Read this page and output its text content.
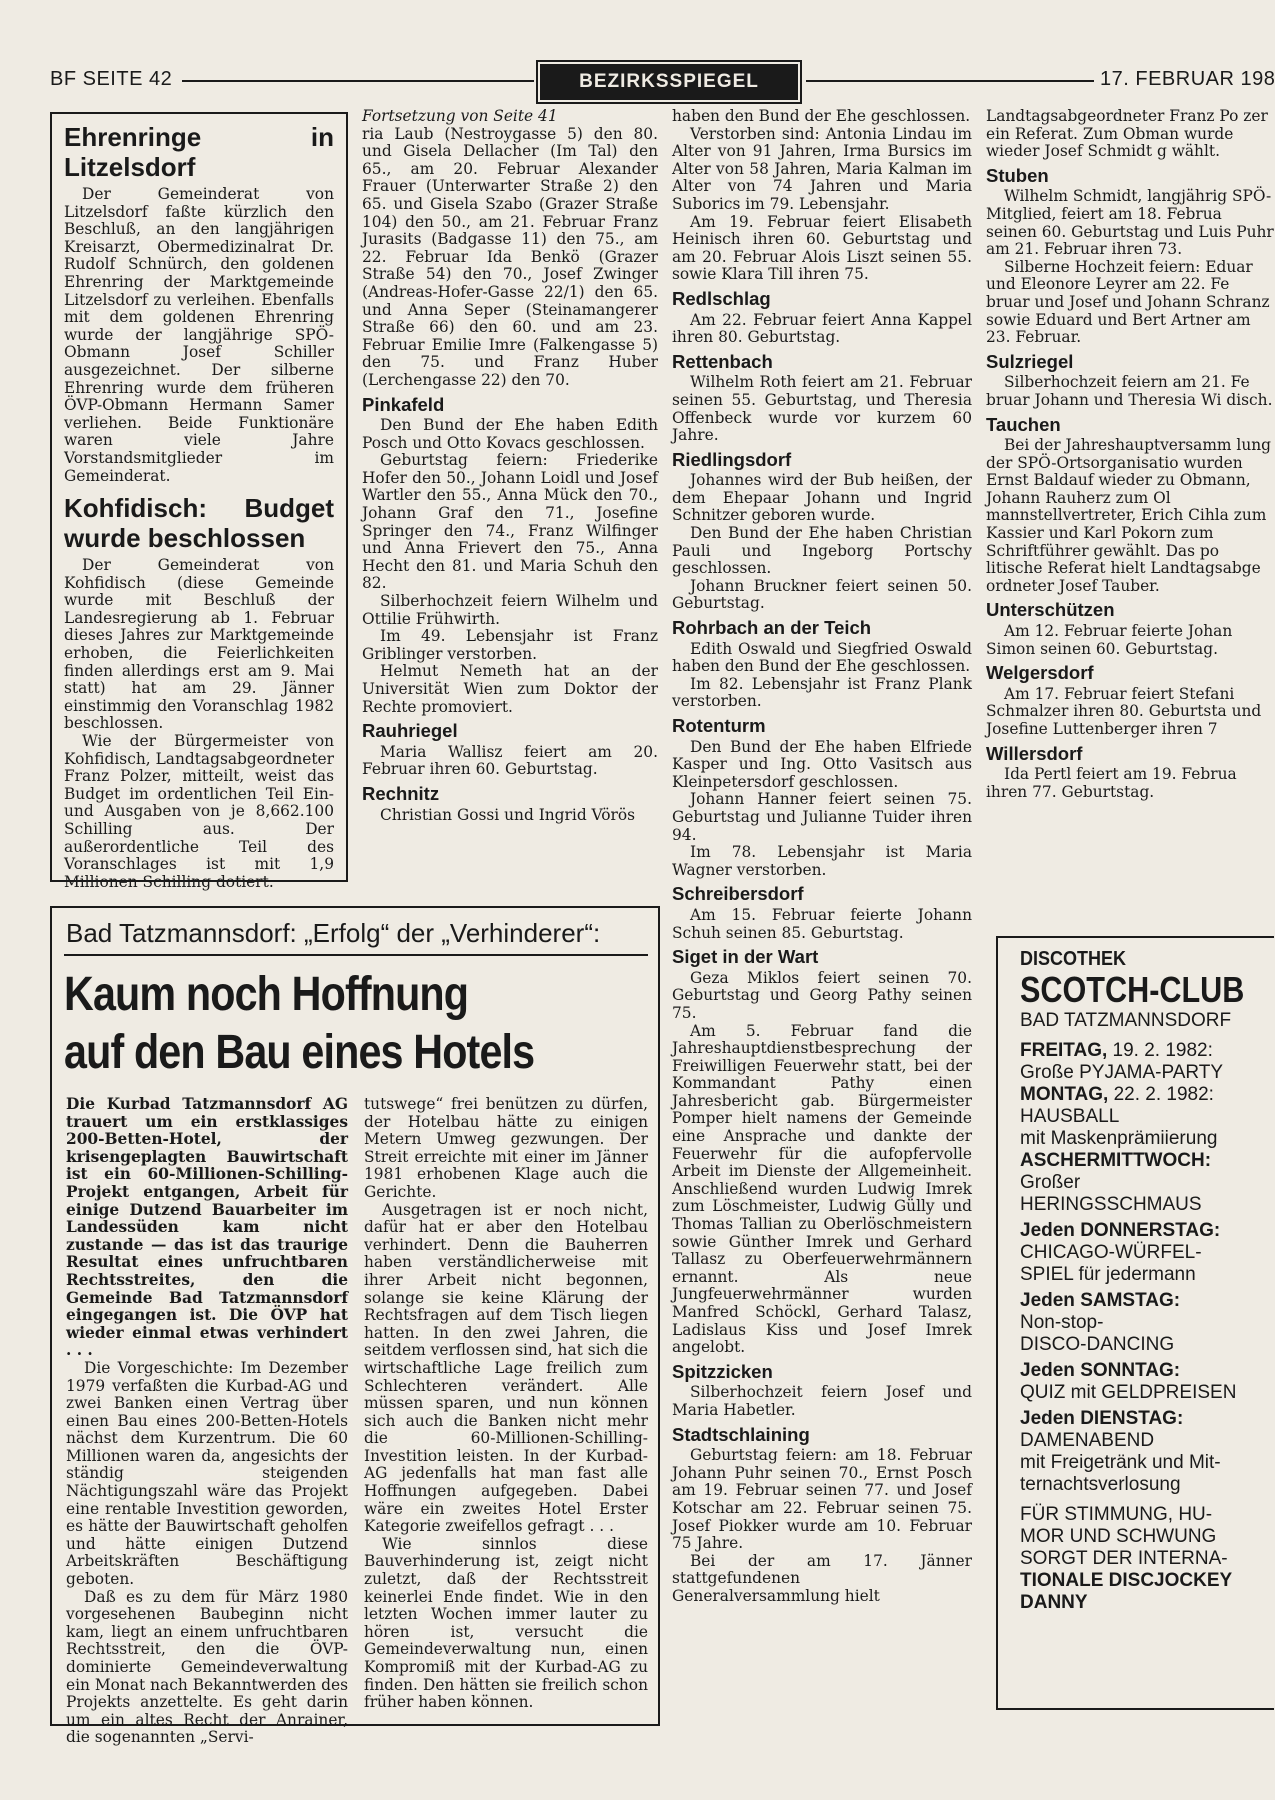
BF SEITE 42	BEZIRKSSPIEGEL	17. FEBRUAR 198
Ehrenringe in Litzelsdorf

Der Gemeinderat von Litzelsdorf faßte kürzlich den Beschluß, an den langjährigen Kreisarzt, Obermedizinalrat Dr. Rudolf Schnürch, den goldenen Ehrenring der Marktgemeinde Litzelsdorf zu verleihen. Ebenfalls mit dem goldenen Ehrenring wurde der langjährige SPÖ-Obmann Josef Schiller ausgezeichnet. Der silberne Ehrenring wurde dem früheren ÖVP-Obmann Hermann Samer verliehen. Beide Funktionäre waren viele Jahre Vorstandsmitglieder im Gemeinderat.

Kohfidisch: Budget wurde beschlossen

Der Gemeinderat von Kohfidisch (diese Gemeinde wurde mit Beschluß der Landesregierung ab 1. Februar dieses Jahres zur Marktgemeinde erhoben, die Feierlichkeiten finden allerdings erst am 9. Mai statt) hat am 29. Jänner einstimmig den Voranschlag 1982 beschlossen.

Wie der Bürgermeister von Kohfidisch, Landtagsabgeordneter Franz Polzer, mitteilt, weist das Budget im ordentlichen Teil Ein- und Ausgaben von je 8,662.100 Schilling aus. Der außerordentliche Teil des Voranschlages ist mit 1,9 Millionen Schilling dotiert.

Fortsetzung von Seite 41

ria Laub (Nestroygasse 5) den 80. und Gisela Dellacher (Im Tal) den 65., am 20. Februar Alexander Frauer (Unterwarter Straße 2) den 65. und Gisela Szabo (Grazer Straße 104) den 50., am 21. Februar Franz Jurasits (Badgasse 11) den 75., am 22. Februar Ida Benkö (Grazer Straße 54) den 70., Josef Zwinger (Andreas-Hofer-Gasse 22/1) den 65. und Anna Seper (Steinamangerer Straße 66) den 60. und am 23. Februar Emilie Imre (Falkengasse 5) den 75. und Franz Huber (Lerchengasse 22) den 70.

Pinkafeld

Den Bund der Ehe haben Edith Posch und Otto Kovacs geschlossen.

Geburtstag feiern: Friederike Hofer den 50., Johann Loidl und Josef Wartler den 55., Anna Mück den 70., Johann Graf den 71., Josefine Springer den 74., Franz Wilfinger und Anna Frievert den 75., Anna Hecht den 81. und Maria Schuh den 82.

Silberhochzeit feiern Wilhelm und Ottilie Frühwirth.

Im 49. Lebensjahr ist Franz Griblinger verstorben.

Helmut Nemeth hat an der Universität Wien zum Doktor der Rechte promoviert.

Rauhriegel

Maria Wallisz feiert am 20. Februar ihren 60. Geburtstag.

Rechnitz

Christian Gossi und Ingrid Vörös

haben den Bund der Ehe geschlossen.

Verstorben sind: Antonia Lindau im Alter von 91 Jahren, Irma Bursics im Alter von 58 Jahren, Maria Kalman im Alter von 74 Jahren und Maria Suborics im 79. Lebensjahr.

Am 19. Februar feiert Elisabeth Heinisch ihren 60. Geburtstag und am 20. Februar Alois Liszt seinen 55. sowie Klara Till ihren 75.

Redlschlag

Am 22. Februar feiert Anna Kappel ihren 80. Geburtstag.

Rettenbach

Wilhelm Roth feiert am 21. Februar seinen 55. Geburtstag, und Theresia Offenbeck wurde vor kurzem 60 Jahre.

Riedlingsdorf

Johannes wird der Bub heißen, der dem Ehepaar Johann und Ingrid Schnitzer geboren wurde.

Den Bund der Ehe haben Christian Pauli und Ingeborg Portschy geschlossen.

Johann Bruckner feiert seinen 50. Geburtstag.

Rohrbach an der Teich

Edith Oswald und Siegfried Oswald haben den Bund der Ehe geschlossen.

Im 82. Lebensjahr ist Franz Plank verstorben.

Rotenturm

Den Bund der Ehe haben Elfriede Kasper und Ing. Otto Vasitsch aus Kleinpetersdorf geschlossen.

Johann Hanner feiert seinen 75. Geburtstag und Julianne Tuider ihren 94.

Im 78. Lebensjahr ist Maria Wagner verstorben.

Schreibersdorf

Am 15. Februar feierte Johann Schuh seinen 85. Geburtstag.

Siget in der Wart

Geza Miklos feiert seinen 70. Geburtstag und Georg Pathy seinen 75.

Am 5. Februar fand die Jahreshauptdienstbesprechung der Freiwilligen Feuerwehr statt, bei der Kommandant Pathy einen Jahresbericht gab. Bürgermeister Pomper hielt namens der Gemeinde eine Ansprache und dankte der Feuerwehr für die aufopfervolle Arbeit im Dienste der Allgemeinheit. Anschließend wurden Ludwig Imrek zum Löschmeister, Ludwig Gülly und Thomas Tallian zu Oberlöschmeistern sowie Günther Imrek und Gerhard Tallasz zu Oberfeuerwehrmännern ernannt. Als neue Jungfeuerwehrmänner wurden Manfred Schöckl, Gerhard Talasz, Ladislaus Kiss und Josef Imrek angelobt.

Spitzzicken

Silberhochzeit feiern Josef und Maria Habetler.

Stadtschlaining

Geburtstag feiern: am 18. Februar Johann Puhr seinen 70., Ernst Posch am 19. Februar seinen 77. und Josef Kotschar am 22. Februar seinen 75. Josef Piokker wurde am 10. Februar 75 Jahre.

Bei der am 17. Jänner stattgefundenen Generalversammlung hielt

Landtagsabgeordneter Franz Po zer ein Referat. Zum Obman wurde wieder Josef Schmidt g wählt.

Stuben

Wilhelm Schmidt, langjährig SPÖ-Mitglied, feiert am 18. Februa seinen 60. Geburtstag und Luis Puhr am 21. Februar ihren 73.

Silberne Hochzeit feiern: Eduar und Eleonore Leyrer am 22. Fe bruar und Josef und Johann Schranz sowie Eduard und Bert Artner am 23. Februar.

Sulzriegel

Silberhochzeit feiern am 21. Fe bruar Johann und Theresia Wi disch.

Tauchen

Bei der Jahreshauptversamm lung der SPÖ-Ortsorganisatio wurden Ernst Baldauf wieder zu Obmann, Johann Rauherz zum Ol mannstellvertreter, Erich Cihla zum Kassier und Karl Pokorn zum Schriftführer gewählt. Das po litische Referat hielt Landtagsabge ordneter Josef Tauber.

Unterschützen

Am 12. Februar feierte Johan Simon seinen 60. Geburtstag.

Welgersdorf

Am 17. Februar feiert Stefani Schmalzer ihren 80. Geburtsta und Josefine Luttenberger ihren 7

Willersdorf

Ida Pertl feiert am 19. Februa ihren 77. Geburtstag.

Bad Tatzmannsdorf: „Erfolg“ der „Verhinderer“:
Kaum noch Hoffnung
auf den Bau eines Hotels

Die Kurbad Tatzmannsdorf AG trauert um ein erstklassiges 200-Betten-Hotel, der krisengeplagten Bauwirtschaft ist ein 60-Millionen-Schilling-Projekt entgangen, Arbeit für einige Dutzend Bauarbeiter im Landessüden kam nicht zustande — das ist das traurige Resultat eines unfruchtbaren Rechtsstreites, den die Gemeinde Bad Tatzmannsdorf eingegangen ist. Die ÖVP hat wieder einmal etwas verhindert . . .

Die Vorgeschichte: Im Dezember 1979 verfaßten die Kurbad-AG und zwei Banken einen Vertrag über einen Bau eines 200-Betten-Hotels nächst dem Kurzentrum. Die 60 Millionen waren da, angesichts der ständig steigenden Nächtigungszahl wäre das Projekt eine rentable Investition geworden, es hätte der Bauwirtschaft geholfen und hätte einigen Dutzend Arbeitskräften Beschäftigung geboten.

Daß es zu dem für März 1980 vorgesehenen Baubeginn nicht kam, liegt an einem unfruchtbaren Rechtsstreit, den die ÖVP-dominierte Gemeindeverwaltung ein Monat nach Bekanntwerden des Projekts anzettelte. Es geht darin um ein altes Recht der Anrainer, die sogenannten „Servi-

tutswege“ frei benützen zu dürfen, der Hotelbau hätte zu einigen Metern Umweg gezwungen. Der Streit erreichte mit einer im Jänner 1981 erhobenen Klage auch die Gerichte.

Ausgetragen ist er noch nicht, dafür hat er aber den Hotelbau verhindert. Denn die Bauherren haben verständlicherweise mit ihrer Arbeit nicht begonnen, solange sie keine Klärung der Rechtsfragen auf dem Tisch liegen hatten. In den zwei Jahren, die seitdem verflossen sind, hat sich die wirtschaftliche Lage freilich zum Schlechteren verändert. Alle müssen sparen, und nun können sich auch die Banken nicht mehr die 60-Millionen-Schilling-Investition leisten. In der Kurbad-AG jedenfalls hat man fast alle Hoffnungen aufgegeben. Dabei wäre ein zweites Hotel Erster Kategorie zweifellos gefragt . . .

Wie sinnlos diese Bauverhinderung ist, zeigt nicht zuletzt, daß der Rechtsstreit keinerlei Ende findet. Wie in den letzten Wochen immer lauter zu hören ist, versucht die Gemeindeverwaltung nun, einen Kompromiß mit der Kurbad-AG zu finden. Den hätten sie freilich schon früher haben können.

DISCOTHEK
SCOTCH-CLUB
BAD TATZMANNSDORF
FREITAG, 19. 2. 1982:
Große PYJAMA-PARTY
MONTAG, 22. 2. 1982:
HAUSBALL
mit Maskenprämiierung
ASCHERMITTWOCH:
Großer
HERINGSSCHMAUS
Jeden DONNERSTAG:
CHICAGO-WÜRFEL-
SPIEL für jedermann
Jeden SAMSTAG:
Non-stop-
DISCO-DANCING
Jeden SONNTAG:
QUIZ mit GELDPREISEN
Jeden DIENSTAG:
DAMENABEND
mit Freigetränk und Mit-
ternachtsverlosung
FÜR STIMMUNG, HU-
MOR UND SCHWUNG
SORGT DER INTERNA-
TIONALE DISCJOCKEY
DANNY
